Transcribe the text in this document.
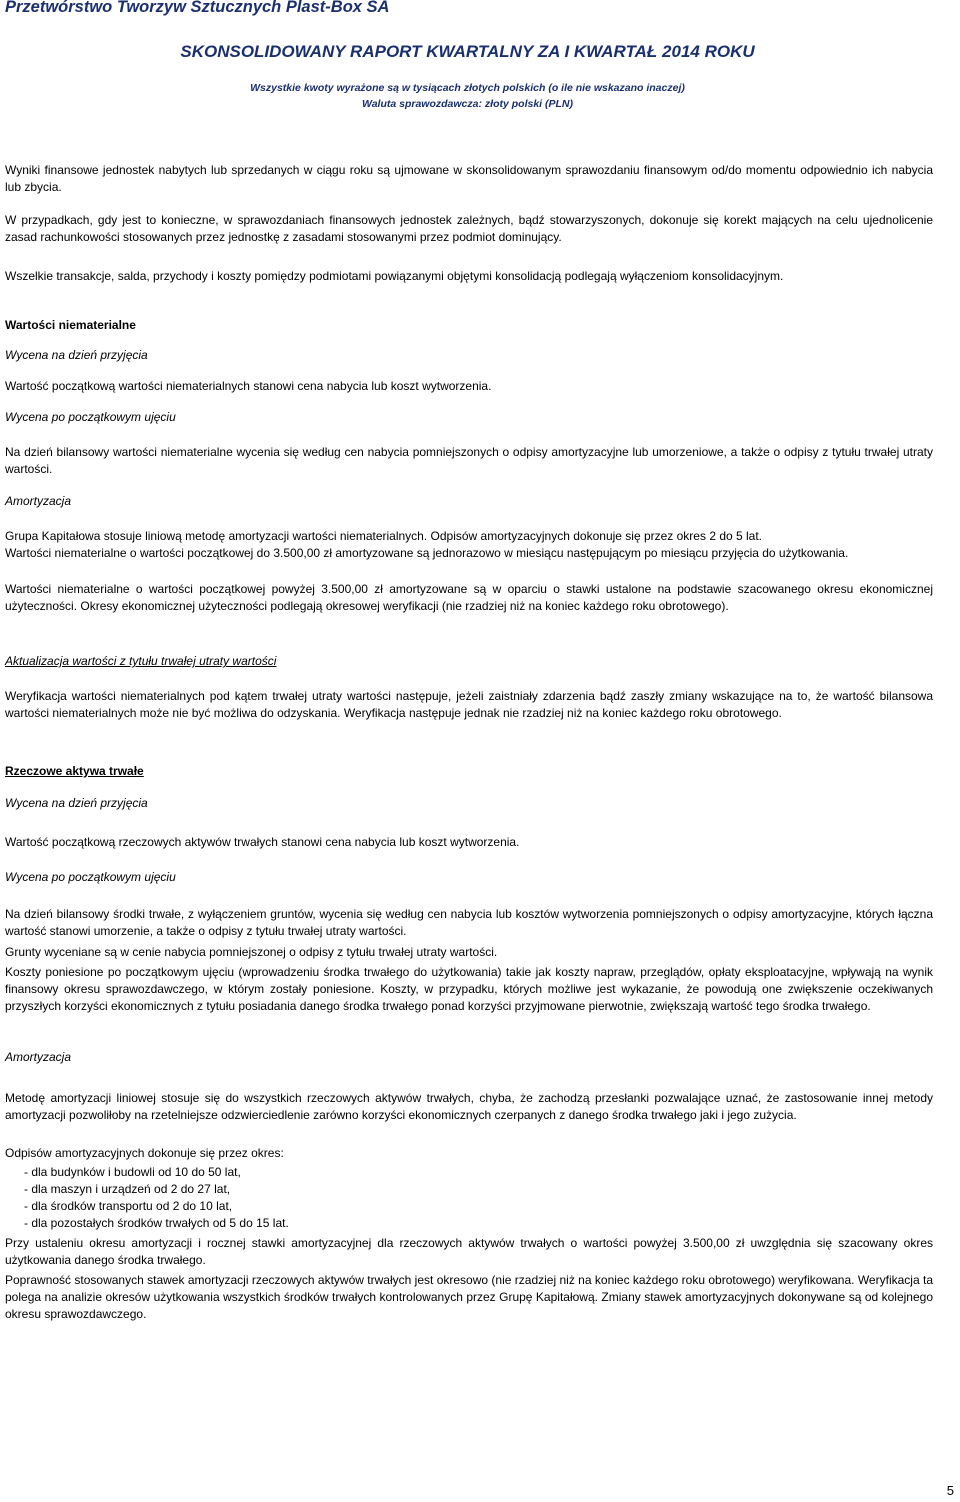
Przetwórstwo Tworzyw Sztucznych Plast-Box SA
SKONSOLIDOWANY RAPORT KWARTALNY ZA I KWARTAŁ 2014 ROKU
Wszystkie kwoty wyrażone są w tysiącach złotych polskich (o ile nie wskazano inaczej)
Waluta sprawozdawcza: złoty polski (PLN)
Wyniki finansowe jednostek nabytych lub sprzedanych w ciągu roku są ujmowane w skonsolidowanym sprawozdaniu finansowym od/do momentu odpowiednio ich nabycia lub zbycia.
W przypadkach, gdy jest to konieczne, w sprawozdaniach finansowych jednostek zależnych, bądź stowarzyszonych, dokonuje się korekt mających na celu ujednolicenie zasad rachunkowości stosowanych przez jednostkę z zasadami stosowanymi przez podmiot dominujący.
Wszelkie transakcje, salda, przychody i koszty pomiędzy podmiotami powiązanymi objętymi konsolidacją podlegają wyłączeniom konsolidacyjnym.
Wartości niematerialne
Wycena na dzień przyjęcia
Wartość początkową wartości niematerialnych stanowi cena nabycia lub koszt wytworzenia.
Wycena po początkowym ujęciu
Na dzień bilansowy wartości niematerialne wycenia się według cen nabycia pomniejszonych o odpisy amortyzacyjne lub umorzeniowe, a także o odpisy z tytułu trwałej utraty wartości.
Amortyzacja
Grupa Kapitałowa stosuje liniową metodę amortyzacji wartości niematerialnych. Odpisów amortyzacyjnych dokonuje się przez okres 2 do 5 lat.
Wartości niematerialne o wartości początkowej do 3.500,00 zł amortyzowane są jednorazowo w miesiącu następującym po miesiącu przyjęcia do użytkowania.
Wartości niematerialne o wartości początkowej powyżej 3.500,00 zł amortyzowane są w oparciu o stawki ustalone na podstawie szacowanego okresu ekonomicznej użyteczności. Okresy ekonomicznej użyteczności podlegają okresowej weryfikacji (nie rzadziej niż na koniec każdego roku obrotowego).
Aktualizacja wartości z tytułu trwałej utraty wartości
Weryfikacja wartości niematerialnych pod kątem trwałej utraty wartości następuje, jeżeli zaistniały zdarzenia bądź zaszły zmiany wskazujące na to, że wartość bilansowa wartości niematerialnych może nie być możliwa do odzyskania. Weryfikacja następuje jednak nie rzadziej niż na koniec każdego roku obrotowego.
Rzeczowe aktywa trwałe
Wycena na dzień przyjęcia
Wartość początkową rzeczowych aktywów trwałych stanowi cena nabycia lub koszt wytworzenia.
Wycena po początkowym ujęciu
Na dzień bilansowy środki trwałe, z wyłączeniem gruntów, wycenia się według cen nabycia lub kosztów wytworzenia pomniejszonych o odpisy amortyzacyjne, których łączna wartość stanowi umorzenie, a także o odpisy z tytułu trwałej utraty wartości.
Grunty wyceniane są w cenie nabycia pomniejszonej o odpisy z tytułu trwałej utraty wartości.
Koszty poniesione po początkowym ujęciu (wprowadzeniu środka trwałego do użytkowania) takie jak koszty napraw, przeglądów, opłaty eksploatacyjne, wpływają na wynik finansowy okresu sprawozdawczego, w którym zostały poniesione. Koszty, w przypadku, których możliwe jest wykazanie, że powodują one zwiększenie oczekiwanych przyszłych korzyści ekonomicznych z tytułu posiadania danego środka trwałego ponad korzyści przyjmowane pierwotnie, zwiększają wartość tego środka trwałego.
Amortyzacja
Metodę amortyzacji liniowej stosuje się do wszystkich rzeczowych aktywów trwałych, chyba, że zachodzą przesłanki pozwalające uznać, że zastosowanie innej metody amortyzacji pozwoliłoby na rzetelniejsze odzwierciedlenie zarówno korzyści ekonomicznych czerpanych z danego środka trwałego jaki i jego zużycia.
Odpisów amortyzacyjnych dokonuje się przez okres:
- dla budynków i budowli od 10 do 50 lat,
- dla maszyn i urządzeń od 2 do 27 lat,
- dla środków transportu od 2 do 10 lat,
- dla pozostałych środków trwałych od 5 do 15 lat.
Przy ustaleniu okresu amortyzacji i rocznej stawki amortyzacyjnej dla rzeczowych aktywów trwałych o wartości powyżej 3.500,00 zł uwzględnia się szacowany okres użytkowania danego środka trwałego.
Poprawność stosowanych stawek amortyzacji rzeczowych aktywów trwałych jest okresowo (nie rzadziej niż na koniec każdego roku obrotowego) weryfikowana. Weryfikacja ta polega na analizie okresów użytkowania wszystkich środków trwałych kontrolowanych przez Grupę Kapitałową. Zmiany stawek amortyzacyjnych dokonywane są od kolejnego okresu sprawozdawczego.
5
